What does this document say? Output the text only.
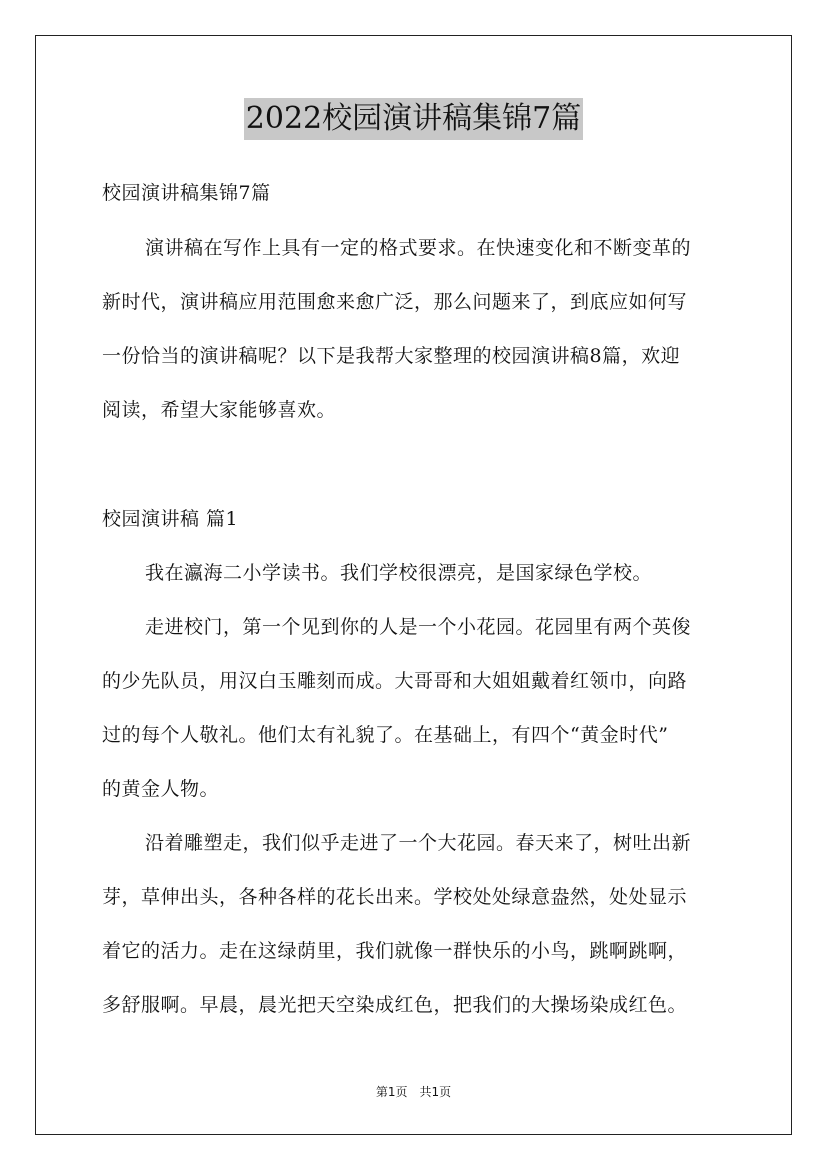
2022校园演讲稿集锦7篇
校园演讲稿集锦7篇
演讲稿在写作上具有一定的格式要求。在快速变化和不断变革的
新时代，演讲稿应用范围愈来愈广泛，那么问题来了，到底应如何写
一份恰当的演讲稿呢？以下是我帮大家整理的校园演讲稿8篇，欢迎
阅读，希望大家能够喜欢。
校园演讲稿 篇1
我在瀛海二小学读书。我们学校很漂亮，是国家绿色学校。
走进校门，第一个见到你的人是一个小花园。花园里有两个英俊
的少先队员，用汉白玉雕刻而成。大哥哥和大姐姐戴着红领巾，向路
过的每个人敬礼。他们太有礼貌了。在基础上，有四个“黄金时代”
的黄金人物。
沿着雕塑走，我们似乎走进了一个大花园。春天来了，树吐出新
芽，草伸出头，各种各样的花长出来。学校处处绿意盎然，处处显示
着它的活力。走在这绿荫里，我们就像一群快乐的小鸟，跳啊跳啊，
多舒服啊。早晨，晨光把天空染成红色，把我们的大操场染成红色。
第1页　共1页
